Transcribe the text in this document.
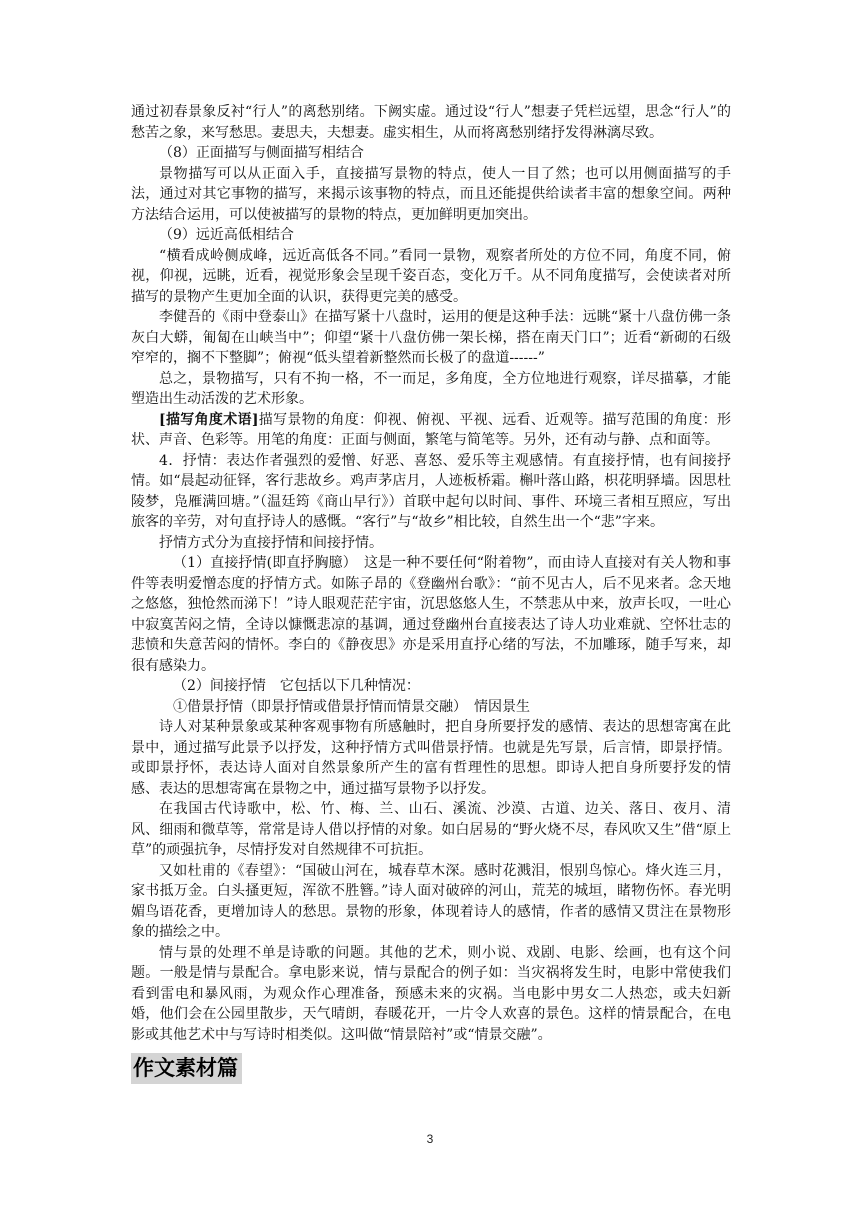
通过初春景象反衬“行人”的离愁别绪。下阙实虚。通过设“行人”想妻子凭栏远望，思念“行人”的愁苦之象，来写愁思。妻思夫，夫想妻。虚实相生，从而将离愁别绪抒发得淋漓尽致。

（8）正面描写与侧面描写相结合

景物描写可以从正面入手，直接描写景物的特点，使人一目了然；也可以用侧面描写的手法，通过对其它事物的描写，来揭示该事物的特点，而且还能提供给读者丰富的想象空间。两种方法结合运用，可以使被描写的景物的特点，更加鲜明更加突出。

（9）远近高低相结合

“横看成岭侧成峰，远近高低各不同。”看同一景物，观察者所处的方位不同，角度不同，俯视，仰视，远眺，近看，视觉形象会呈现千姿百态，变化万千。从不同角度描写，会使读者对所描写的景物产生更加全面的认识，获得更完美的感受。

李健吾的《雨中登泰山》在描写紧十八盘时，运用的便是这种手法：远眺“紧十八盘仿佛一条灰白大蟒，匍匐在山峡当中”；仰望“紧十八盘仿佛一架长梯，搭在南天门口”；近看“新砌的石级窄窄的，搁不下整脚”；俯视“低头望着新整然而长极了的盘道------”

总之，景物描写，只有不拘一格，不一而足，多角度，全方位地进行观察，详尽描摹，才能塑造出生动活泼的艺术形象。

[描写角度术语]描写景物的角度：仰视、俯视、平视、远看、近观等。描写范围的角度：形状、声音、色彩等。用笔的角度：正面与侧面，繁笔与简笔等。另外，还有动与静、点和面等。

4．抒情：表达作者强烈的爱憎、好恶、喜怒、爱乐等主观感情。有直接抒情，也有间接抒情。如“晨起动征铎，客行悲故乡。鸡声茅店月，人迹板桥霜。槲叶落山路，枳花明驿墙。因思杜陵梦，凫雁满回塘。”（温廷筠《商山早行》）首联中起句以时间、事件、环境三者相互照应，写出旅客的辛劳，对句直抒诗人的感慨。“客行”与“故乡”相比较，自然生出一个“悲”字来。

抒情方式分为直接抒情和间接抒情。

（1）直接抒情(即直抒胸臆）　这是一种不要任何“附着物”，而由诗人直接对有关人物和事件等表明爱憎态度的抒情方式。如陈子昂的《登幽州台歌》：“前不见古人，后不见来者。念天地之悠悠，独怆然而涕下！”诗人眼观茫茫宇宙，沉思悠悠人生，不禁悲从中来，放声长叹，一吐心中寂寞苦闷之情，全诗以慷慨悲凉的基调，通过登幽州台直接表达了诗人功业难就、空怀壮志的悲愤和失意苦闷的情怀。李白的《静夜思》亦是采用直抒心绪的写法，不加雕琢，随手写来，却很有感染力。

（2）间接抒情　它包括以下几种情况：

①借景抒情（即景抒情或借景抒情而情景交融）　情因景生

诗人对某种景象或某种客观事物有所感触时，把自身所要抒发的感情、表达的思想寄寓在此景中，通过描写此景予以抒发，这种抒情方式叫借景抒情。也就是先写景，后言情，即景抒情。或即景抒怀，表达诗人面对自然景象所产生的富有哲理性的思想。即诗人把自身所要抒发的情感、表达的思想寄寓在景物之中，通过描写景物予以抒发。

在我国古代诗歌中，松、竹、梅、兰、山石、溪流、沙漠、古道、边关、落日、夜月、清风、细雨和微草等，常常是诗人借以抒情的对象。如白居易的“野火烧不尽，春风吹又生”借“原上草”的顽强抗争，尽情抒发对自然规律不可抗拒。

又如杜甫的《春望》：“国破山河在，城春草木深。感时花溅泪，恨别鸟惊心。烽火连三月，家书抵万金。白头搔更短，浑欲不胜簪。”诗人面对破碎的河山，荒芜的城垣，睹物伤怀。春光明媚鸟语花香，更增加诗人的愁思。景物的形象，体现着诗人的感情，作者的感情又贯注在景物形象的描绘之中。

情与景的处理不单是诗歌的问题。其他的艺术，则小说、戏剧、电影、绘画，也有这个问题。一般是情与景配合。拿电影来说，情与景配合的例子如：当灾祸将发生时，电影中常使我们看到雷电和暴风雨，为观众作心理准备，预感未来的灾祸。当电影中男女二人热恋，或夫妇新婚，他们会在公园里散步，天气晴朗，春暖花开，一片令人欢喜的景色。这样的情景配合，在电影或其他艺术中与写诗时相类似。这叫做“情景陪衬”或“情景交融”。

作文素材篇
3
